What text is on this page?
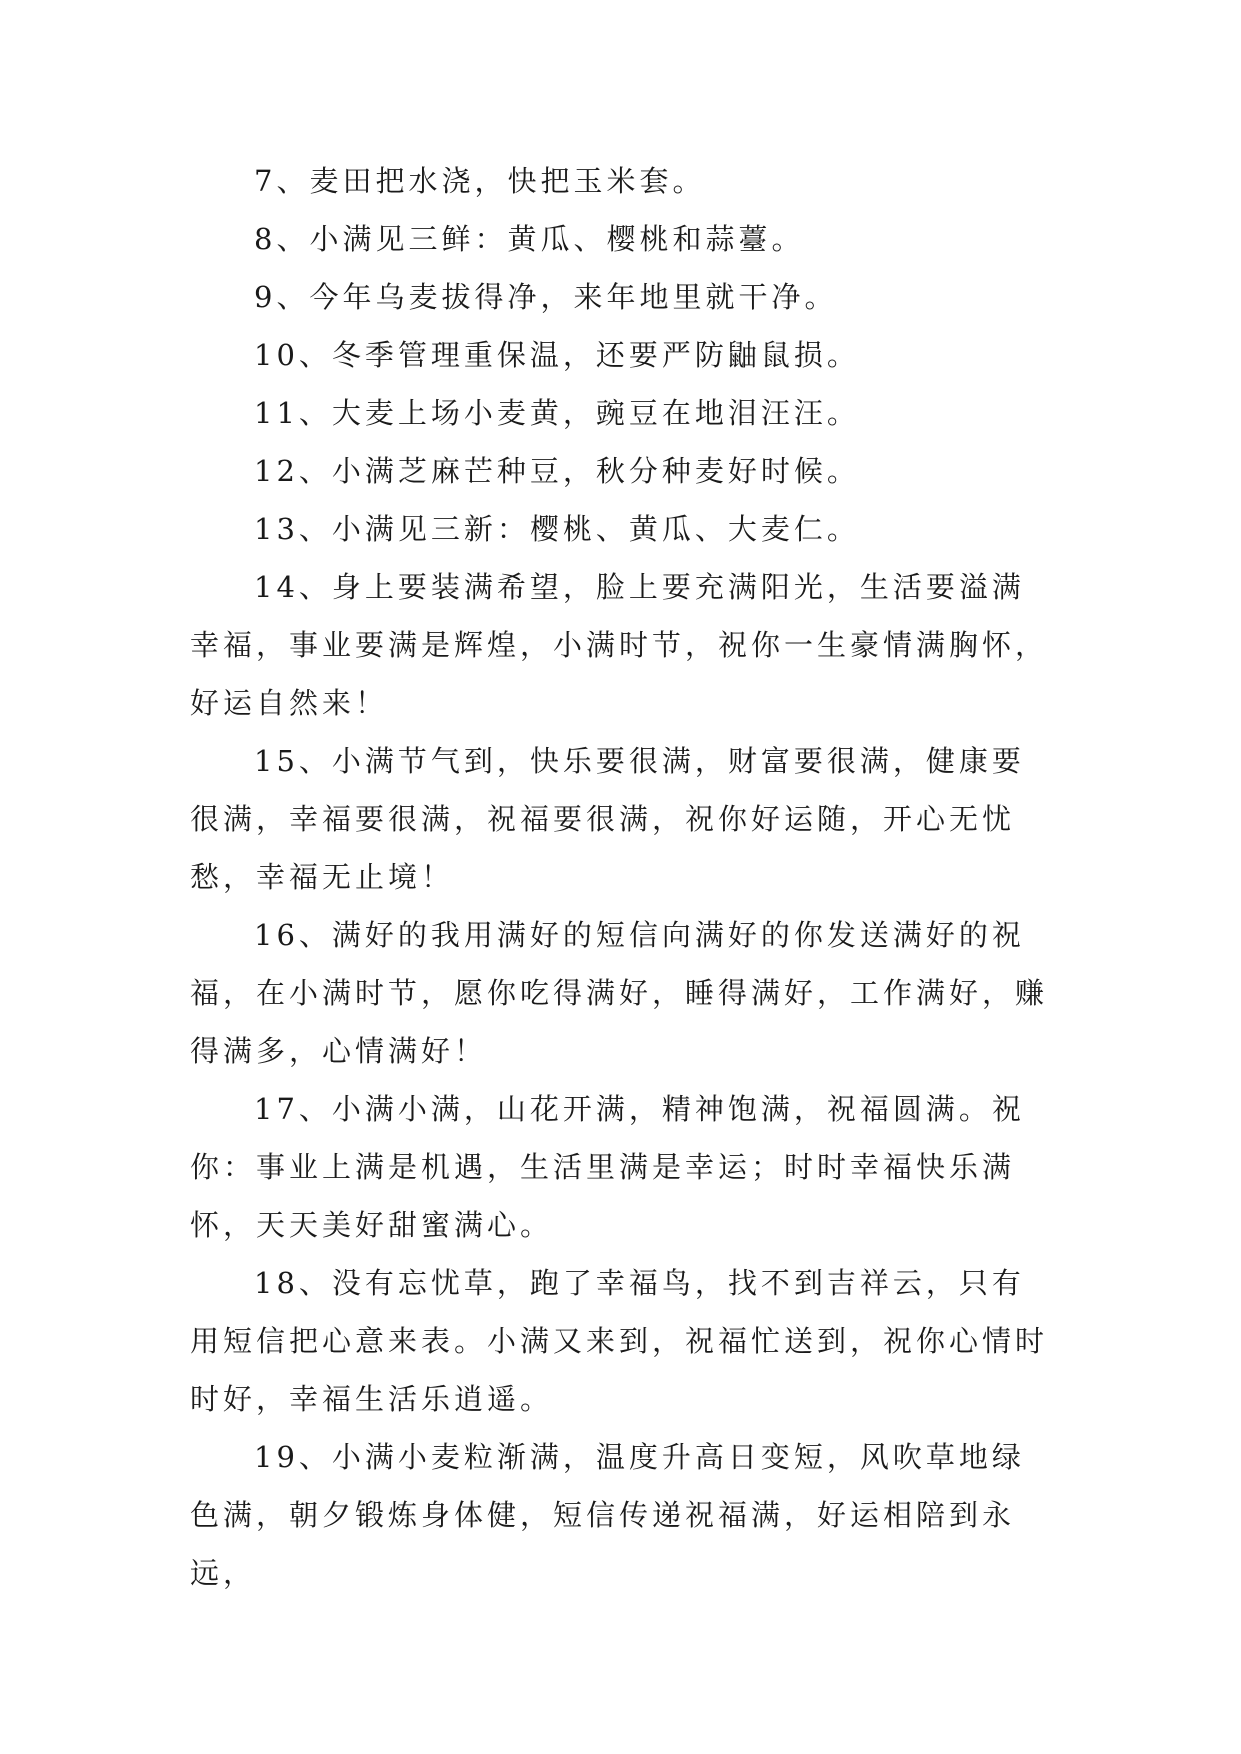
7、麦田把水浇，快把玉米套。

8、小满见三鲜：黄瓜、樱桃和蒜薹。

9、今年乌麦拔得净，来年地里就干净。

10、冬季管理重保温，还要严防鼬鼠损。

11、大麦上场小麦黄，豌豆在地泪汪汪。

12、小满芝麻芒种豆，秋分种麦好时候。

13、小满见三新：樱桃、黄瓜、大麦仁。

14、身上要装满希望，脸上要充满阳光，生活要溢满幸福，事业要满是辉煌，小满时节，祝你一生豪情满胸怀，好运自然来！

15、小满节气到，快乐要很满，财富要很满，健康要很满，幸福要很满，祝福要很满，祝你好运随，开心无忧愁，幸福无止境！

16、满好的我用满好的短信向满好的你发送满好的祝福，在小满时节，愿你吃得满好，睡得满好，工作满好，赚得满多，心情满好！

17、小满小满，山花开满，精神饱满，祝福圆满。祝你：事业上满是机遇，生活里满是幸运；时时幸福快乐满怀，天天美好甜蜜满心。

18、没有忘忧草，跑了幸福鸟，找不到吉祥云，只有用短信把心意来表。小满又来到，祝福忙送到，祝你心情时时好，幸福生活乐逍遥。

19、小满小麦粒渐满，温度升高日变短，风吹草地绿色满，朝夕锻炼身体健，短信传递祝福满，好运相陪到永远，
